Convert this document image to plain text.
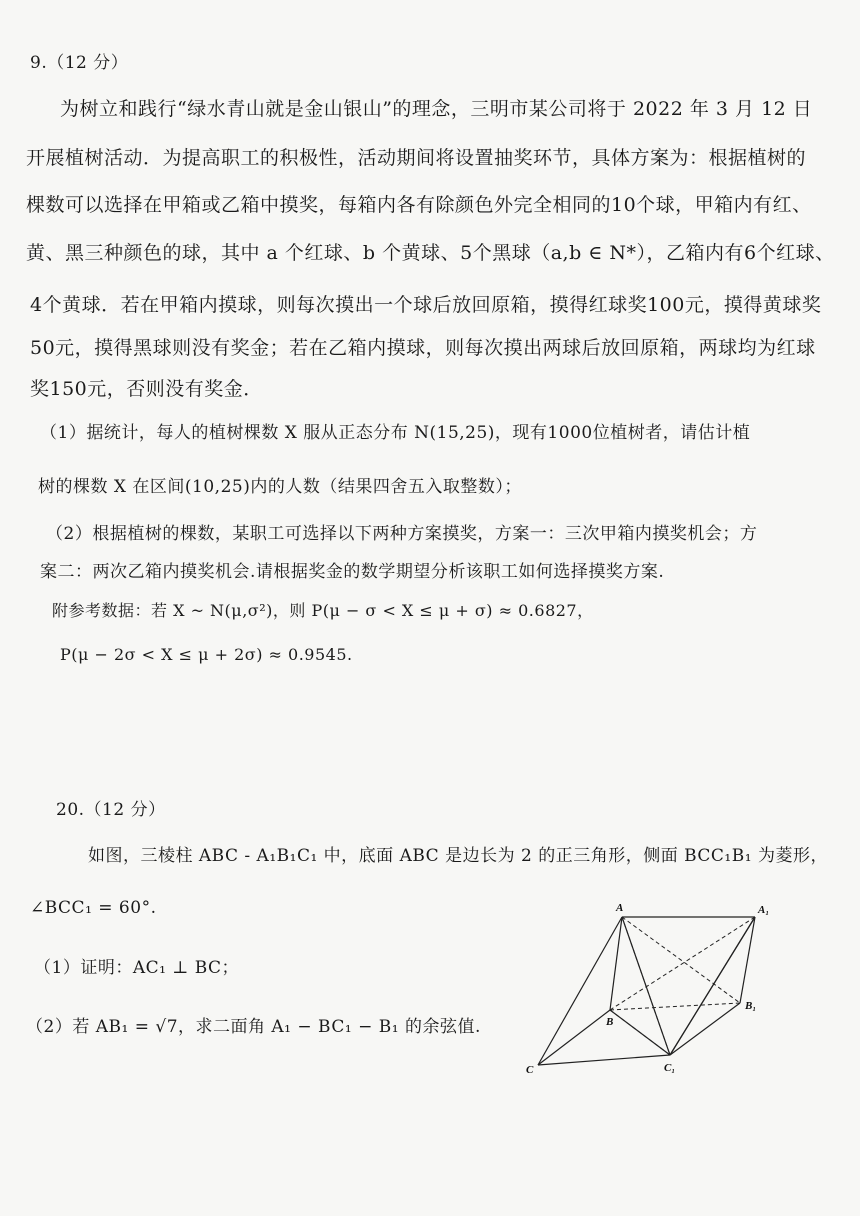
9.（12 分）
为树立和践行“绿水青山就是金山银山”的理念，三明市某公司将于 2022 年 3 月 12 日
开展植树活动．为提高职工的积极性，活动期间将设置抽奖环节，具体方案为：根据植树的
棵数可以选择在甲箱或乙箱中摸奖，每箱内各有除颜色外完全相同的10个球，甲箱内有红、
黄、黑三种颜色的球，其中 a 个红球、b 个黄球、5个黑球（a,b ∈ N*），乙箱内有6个红球、
4个黄球．若在甲箱内摸球，则每次摸出一个球后放回原箱，摸得红球奖100元，摸得黄球奖
50元，摸得黑球则没有奖金；若在乙箱内摸球，则每次摸出两球后放回原箱，两球均为红球
奖150元，否则没有奖金．
（1）据统计，每人的植树棵数 X 服从正态分布 N(15,25)，现有1000位植树者，请估计植
树的棵数 X 在区间(10,25)内的人数（结果四舍五入取整数）；
（2）根据植树的棵数，某职工可选择以下两种方案摸奖，方案一：三次甲箱内摸奖机会；方
案二：两次乙箱内摸奖机会.请根据奖金的数学期望分析该职工如何选择摸奖方案.
附参考数据：若 X ~ N(μ,σ²)，则 P(μ − σ < X ≤ μ + σ) ≈ 0.6827，
P(μ − 2σ < X ≤ μ + 2σ) ≈ 0.9545.
20.（12 分）
如图，三棱柱 ABC - A₁B₁C₁ 中，底面 ABC 是边长为 2 的正三角形，侧面 BCC₁B₁ 为菱形，
∠BCC₁ = 60°.
（1）证明：AC₁ ⊥ BC；
（2）若 AB₁ = √7，求二面角 A₁ − BC₁ − B₁ 的余弦值.
A	A₁
B
B₁
C	C₁
